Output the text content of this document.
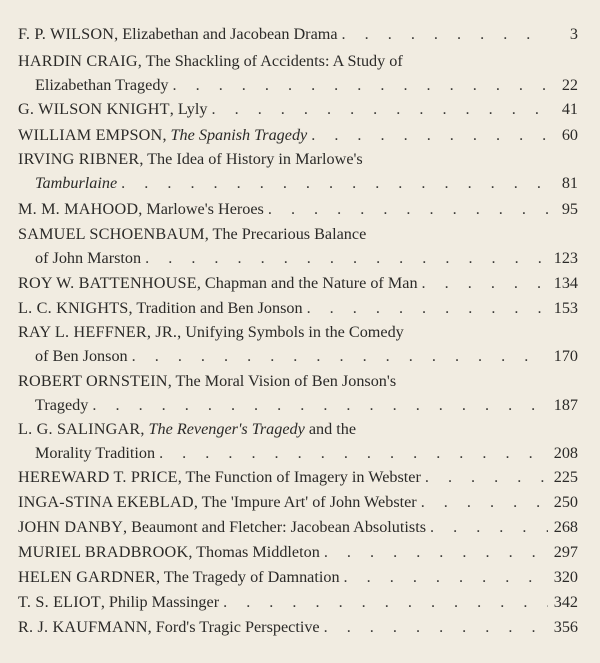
F. P. WILSON, Elizabethan and Jacobean Drama . . .	3
HARDIN CRAIG, The Shackling of Accidents: A Study of
Elizabethan Tragedy . . .	22
G. WILSON KNIGHT, Lyly . . .	41
WILLIAM EMPSON, The Spanish Tragedy . . .	60
IRVING RIBNER, The Idea of History in Marlowe's
Tamburlaine . . .	81
M. M. MAHOOD, Marlowe's Heroes . . .	95
SAMUEL SCHOENBAUM, The Precarious Balance
of John Marston . . .	123
ROY W. BATTENHOUSE, Chapman and the Nature of Man . . .	134
L. C. KNIGHTS, Tradition and Ben Jonson . . .	153
RAY L. HEFFNER, JR., Unifying Symbols in the Comedy
of Ben Jonson . . .	170
ROBERT ORNSTEIN, The Moral Vision of Ben Jonson's
Tragedy . . .	187
L. G. SALINGAR, The Revenger's Tragedy and the
Morality Tradition . . .	208
HEREWARD T. PRICE, The Function of Imagery in Webster . . .	225
INGA-STINA EKEBLAD, The 'Impure Art' of John Webster . . .	250
JOHN DANBY, Beaumont and Fletcher: Jacobean Absolutists . . .	268
MURIEL BRADBROOK, Thomas Middleton . . .	297
HELEN GARDNER, The Tragedy of Damnation . . .	320
T. S. ELIOT, Philip Massinger . . .	342
R. J. KAUFMANN, Ford's Tragic Perspective . . .	356
